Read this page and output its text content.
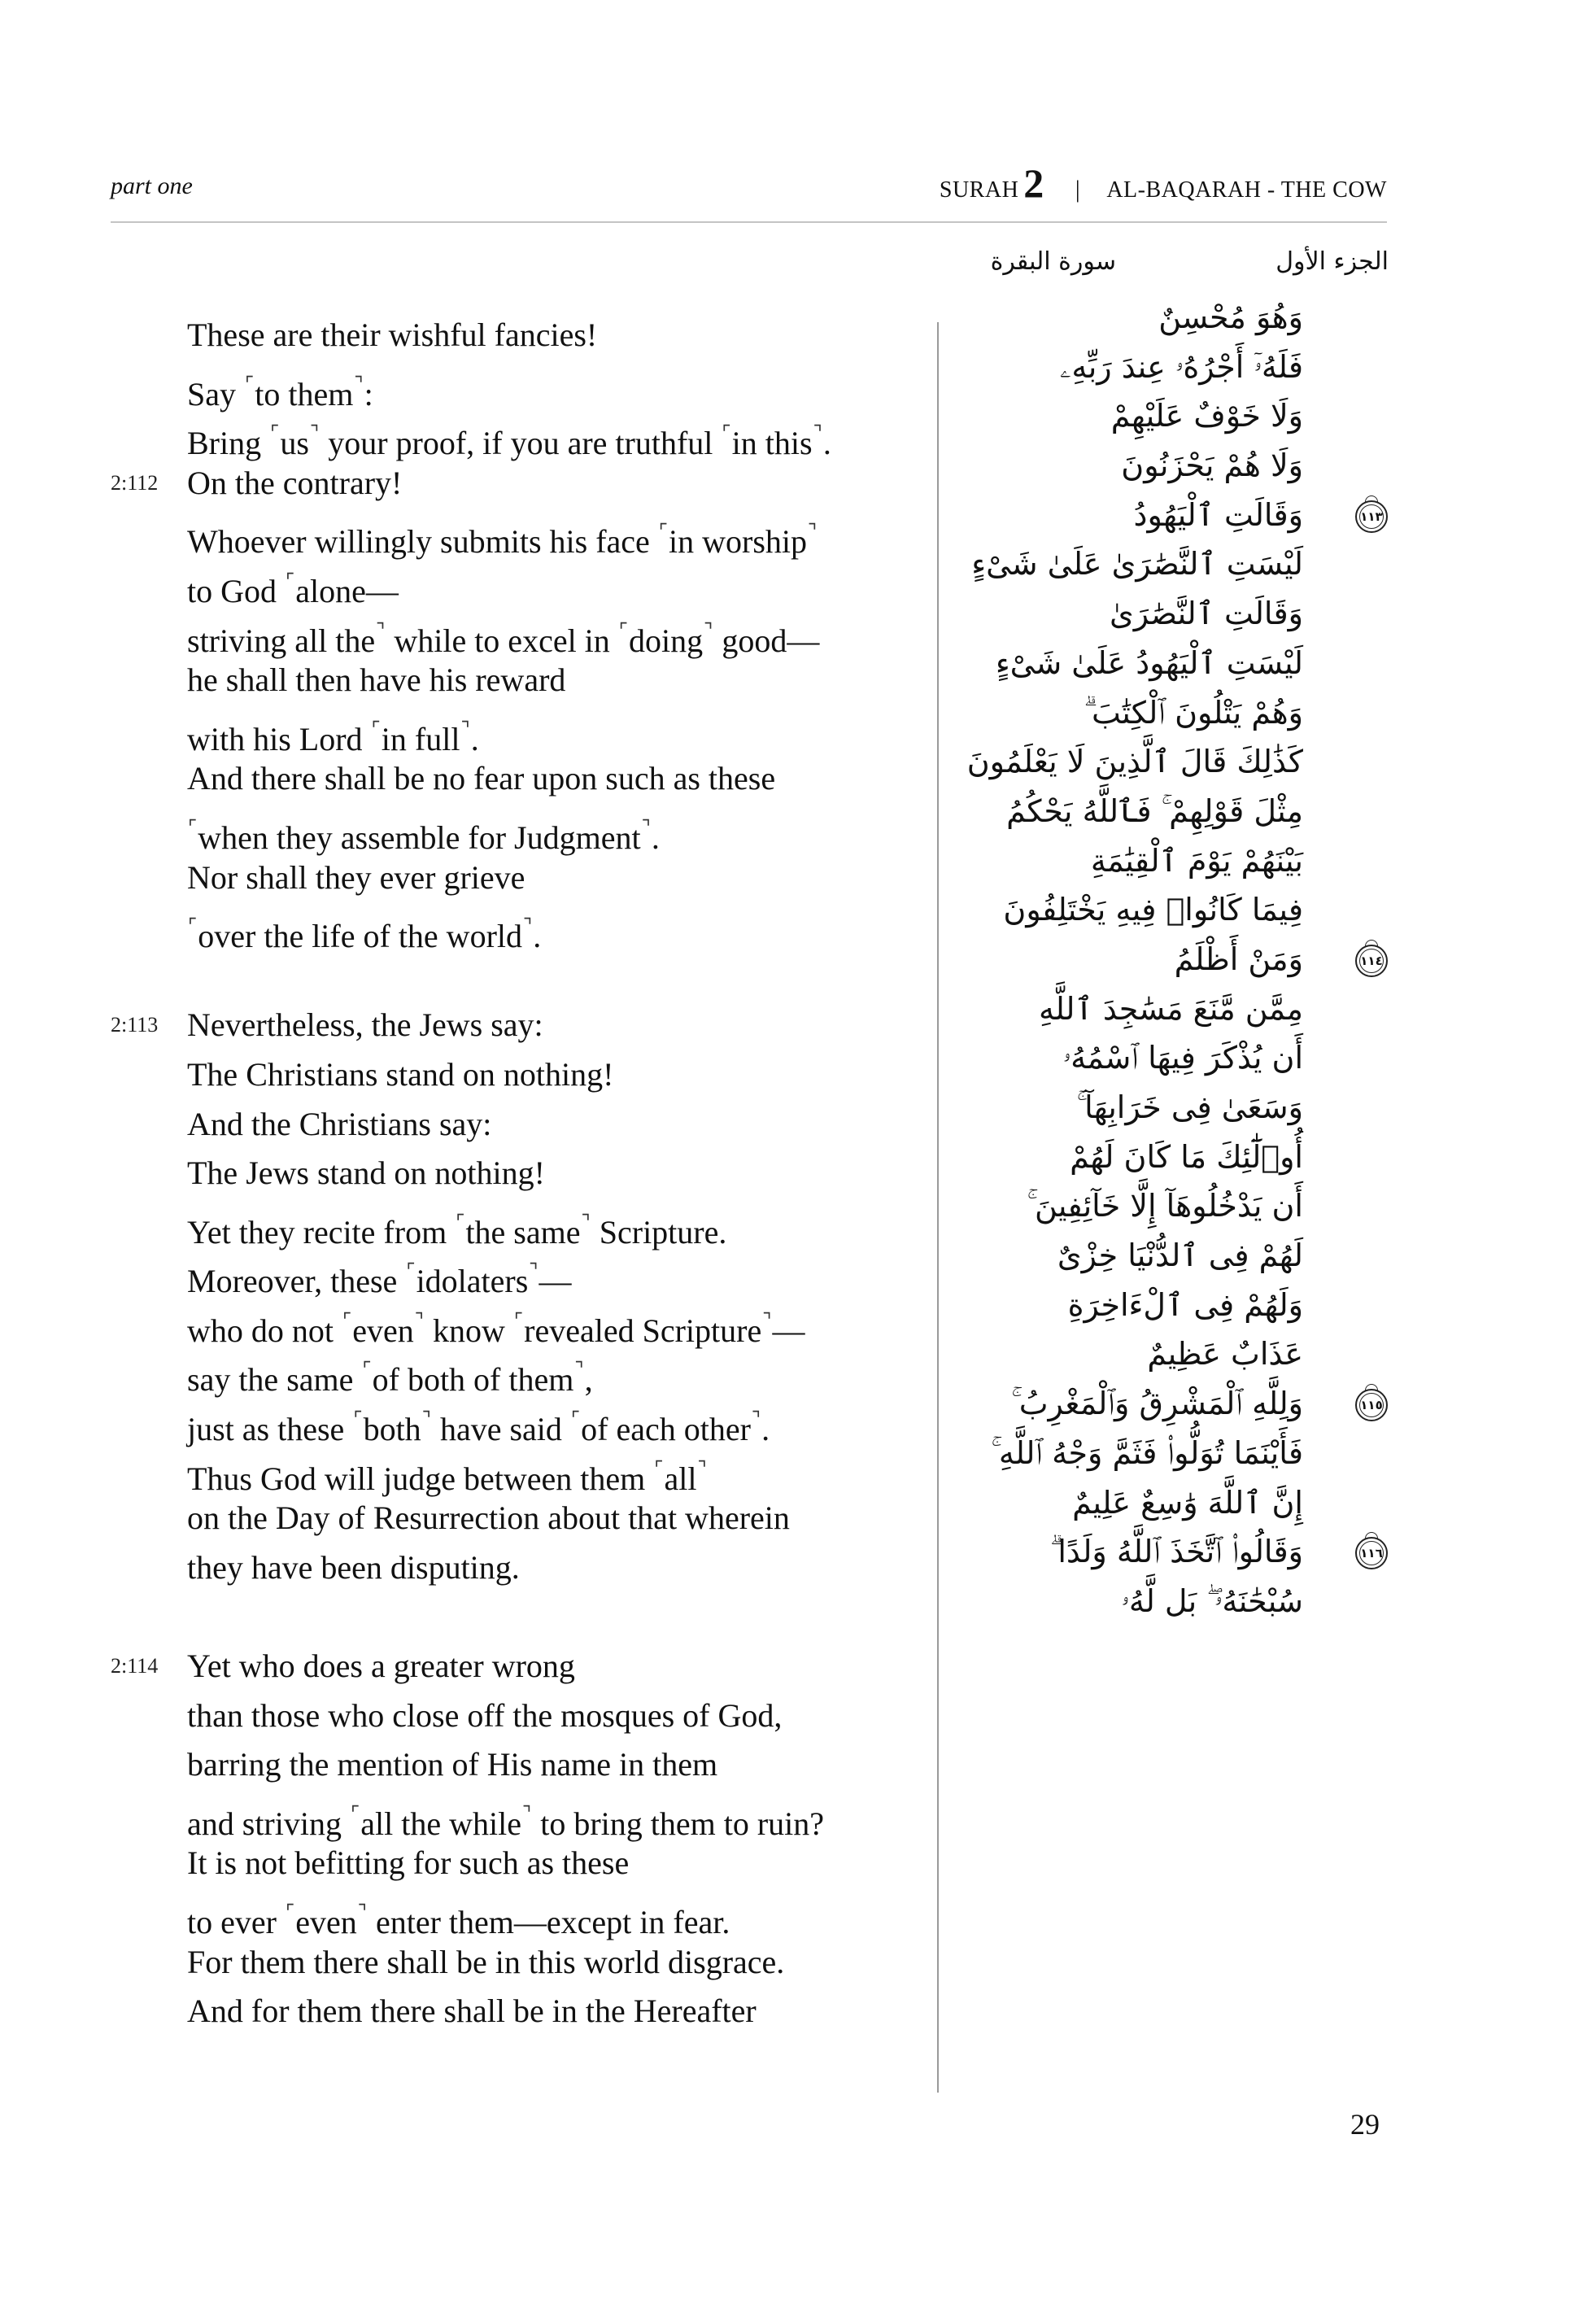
part one	SURAH 2 | AL-BAQARAH - THE COW
الجزء الأول
سورة البقرة
These are their wishful fancies!
Say ⌜to them⌝:
Bring ⌜us⌝ your proof, if you are truthful ⌜in this⌝.
2:112 On the contrary!
Whoever willingly submits his face ⌜in worship⌝
to God ⌜alone—
striving all the⌝ while to excel in ⌜doing⌝ good—
he shall then have his reward
with his Lord ⌜in full⌝.
And there shall be no fear upon such as these
⌜when they assemble for Judgment⌝.
Nor shall they ever grieve
⌜over the life of the world⌝.
2:113 Nevertheless, the Jews say:
The Christians stand on nothing!
And the Christians say:
The Jews stand on nothing!
Yet they recite from ⌜the same⌝ Scripture.
Moreover, these ⌜idolaters⌝—
who do not ⌜even⌝ know ⌜revealed Scripture⌝—
say the same ⌜of both of them⌝,
just as these ⌜both⌝ have said ⌜of each other⌝.
Thus God will judge between them ⌜all⌝
on the Day of Resurrection about that wherein
they have been disputing.
2:114 Yet who does a greater wrong
than those who close off the mosques of God,
barring the mention of His name in them
and striving ⌜all the while⌝ to bring them to ruin?
It is not befitting for such as these
to ever ⌜even⌝ enter them—except in fear.
For them there shall be in this world disgrace.
And for them there shall be in the Hereafter
وَهُوَ مُحْسِنٌ
فَلَهُۥٓ أَجْرُهُۥ عِندَ رَبِّهِۦ
وَلَا خَوْفٌ عَلَيْهِمْ
وَلَا هُمْ يَحْزَنُونَ
وَقَالَتِ ٱلْيَهُودُ	١١٣
لَيْسَتِ ٱلنَّصَٰرَىٰ عَلَىٰ شَىْءٍ
وَقَالَتِ ٱلنَّصَٰرَىٰ
لَيْسَتِ ٱلْيَهُودُ عَلَىٰ شَىْءٍ
وَهُمْ يَتْلُونَ ٱلْكِتَٰبَ ۗ
كَذَٰلِكَ قَالَ ٱلَّذِينَ لَا يَعْلَمُونَ
مِثْلَ قَوْلِهِمْ ۚ فَٱللَّهُ يَحْكُمُ
بَيْنَهُمْ يَوْمَ ٱلْقِيَٰمَةِ
فِيمَا كَانُوا۟ فِيهِ يَخْتَلِفُونَ
وَمَنْ أَظْلَمُ	١١٤
مِمَّن مَّنَعَ مَسَٰجِدَ ٱللَّهِ
أَن يُذْكَرَ فِيهَا ٱسْمُهُۥ
وَسَعَىٰ فِى خَرَابِهَآ ۚ
أُو۟لَٰٓئِكَ مَا كَانَ لَهُمْ
أَن يَدْخُلُوهَآ إِلَّا خَآئِفِينَ ۚ
لَهُمْ فِى ٱلدُّنْيَا خِزْىٌ
وَلَهُمْ فِى ٱلْءَاخِرَةِ
عَذَابٌ عَظِيمٌ
وَلِلَّهِ ٱلْمَشْرِقُ وَٱلْمَغْرِبُ ۚ	١١٥
فَأَيْنَمَا تُوَلُّوا۟ فَثَمَّ وَجْهُ ٱللَّهِ ۚ
إِنَّ ٱللَّهَ وَٰسِعٌ عَلِيمٌ
وَقَالُوا۟ ٱتَّخَذَ ٱللَّهُ وَلَدًا ۗ	١١٦
سُبْحَٰنَهُۥ ۖ بَل لَّهُۥ
29
